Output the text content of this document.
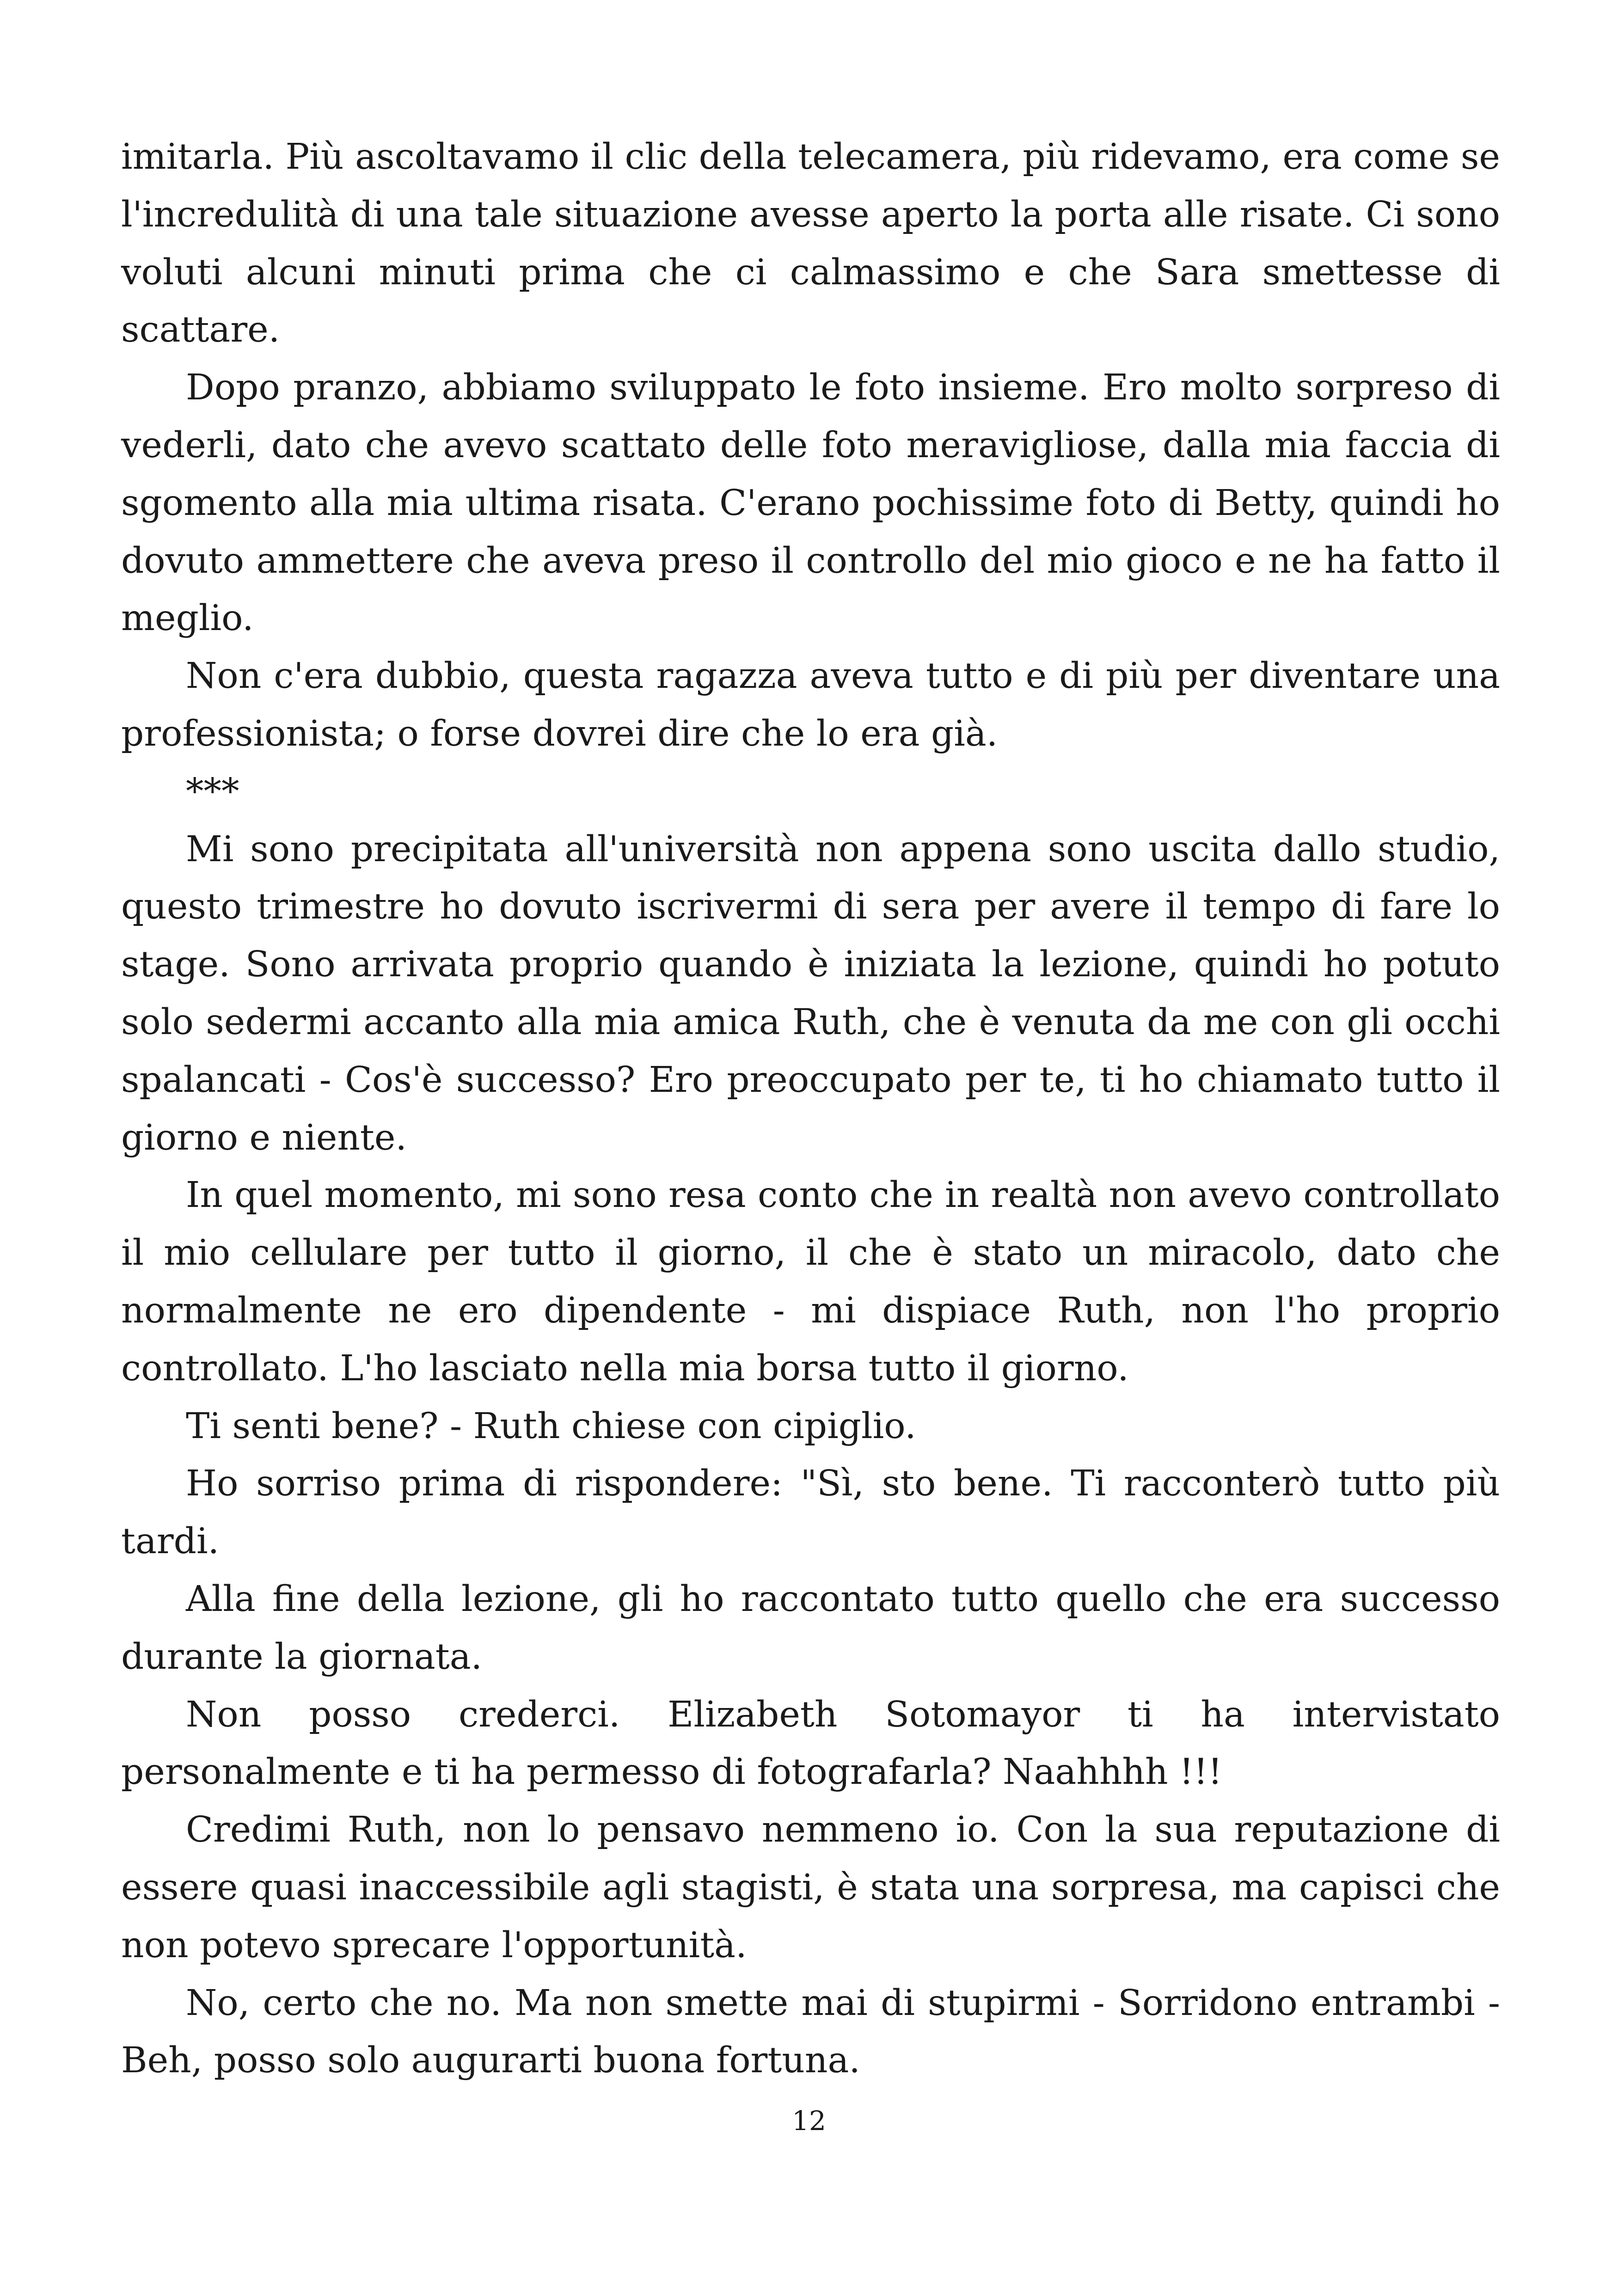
imitarla. Più ascoltavamo il clic della telecamera, più ridevamo, era come se l'incredulità di una tale situazione avesse aperto la porta alle risate. Ci sono voluti alcuni minuti prima che ci calmassimo e che Sara smettesse di scattare.

Dopo pranzo, abbiamo sviluppato le foto insieme. Ero molto sorpreso di vederli, dato che avevo scattato delle foto meravigliose, dalla mia faccia di sgomento alla mia ultima risata. C'erano pochissime foto di Betty, quindi ho dovuto ammettere che aveva preso il controllo del mio gioco e ne ha fatto il meglio.

Non c'era dubbio, questa ragazza aveva tutto e di più per diventare una professionista; o forse dovrei dire che lo era già.

***

Mi sono precipitata all'università non appena sono uscita dallo studio, questo trimestre ho dovuto iscrivermi di sera per avere il tempo di fare lo stage. Sono arrivata proprio quando è iniziata la lezione, quindi ho potuto solo sedermi accanto alla mia amica Ruth, che è venuta da me con gli occhi spalancati - Cos'è successo? Ero preoccupato per te, ti ho chiamato tutto il giorno e niente.

In quel momento, mi sono resa conto che in realtà non avevo controllato il mio cellulare per tutto il giorno, il che è stato un miracolo, dato che normalmente ne ero dipendente - mi dispiace Ruth, non l'ho proprio controllato. L'ho lasciato nella mia borsa tutto il giorno.

Ti senti bene? - Ruth chiese con cipiglio.

Ho sorriso prima di rispondere: "Sì, sto bene. Ti racconterò tutto più tardi.

Alla fine della lezione, gli ho raccontato tutto quello che era successo durante la giornata.

Non posso crederci. Elizabeth Sotomayor ti ha intervistato personalmente e ti ha permesso di fotografarla? Naahhhh !!!

Credimi Ruth, non lo pensavo nemmeno io. Con la sua reputazione di essere quasi inaccessibile agli stagisti, è stata una sorpresa, ma capisci che non potevo sprecare l'opportunità.

No, certo che no. Ma non smette mai di stupirmi - Sorridono entrambi - Beh, posso solo augurarti buona fortuna.

12
